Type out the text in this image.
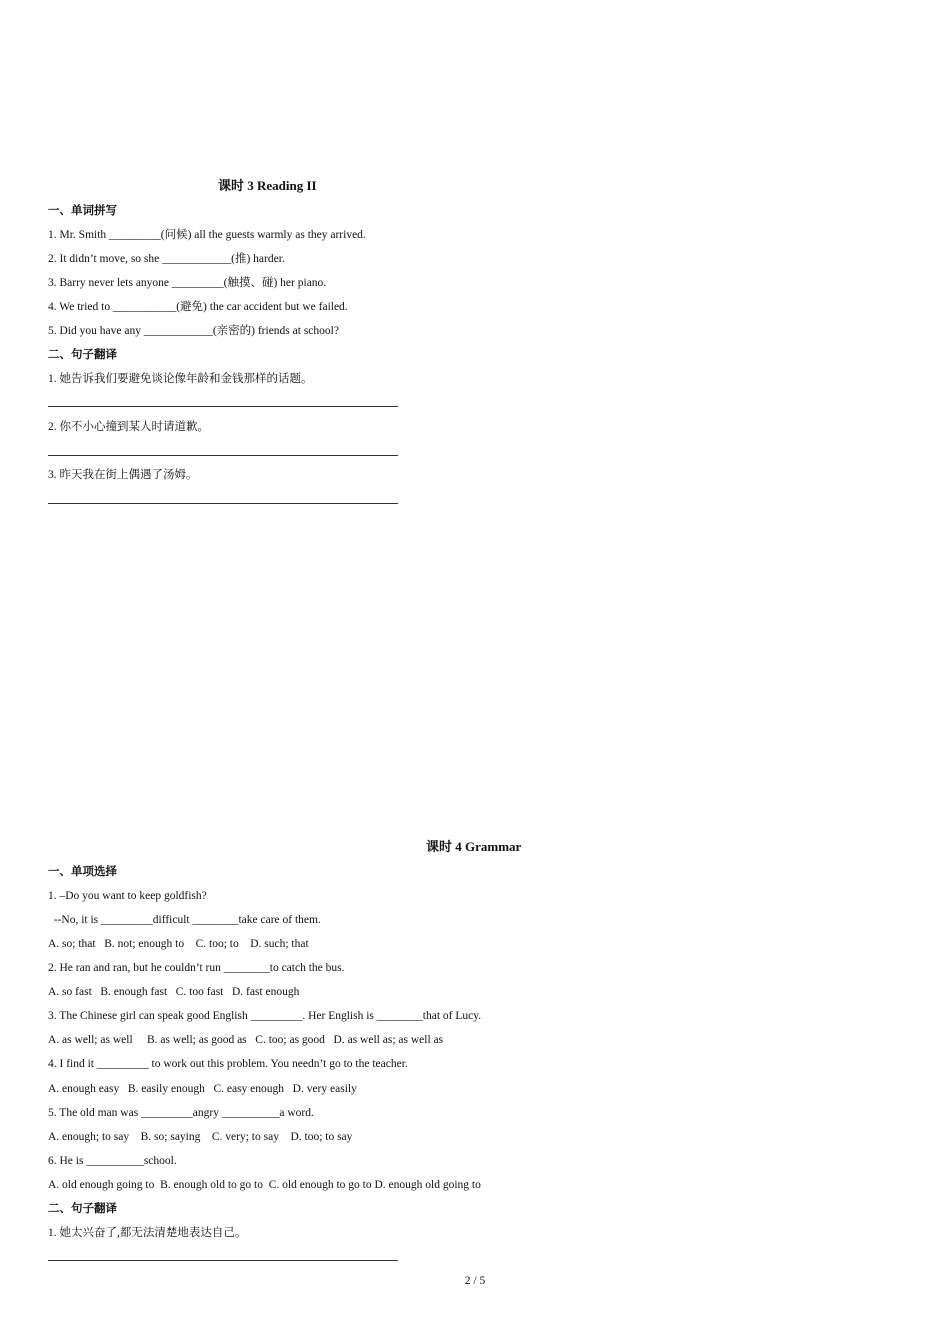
课时 3 Reading II
一、单词拼写
1. Mr. Smith _________(问候) all the guests warmly as they arrived.
2. It didn’t move, so she ____________(推) harder.
3. Barry never lets anyone _________(触摸、碰) her piano.
4. We tried to ___________(避免) the car accident but we failed.
5. Did you have any ____________(亲密的) friends at school?
二、句子翻译
1. 她告诉我们要避免谈论像年龄和金钱那样的话题。
2. 你不小心撞到某人时请道歉。
3. 昨天我在街上偶遇了汤姆。
课时 4 Grammar
一、单项选择
1. –Do you want to keep goldfish?
--No, it is _________difficult ________take care of them.
A. so; that   B. not; enough to    C. too; to    D. such; that
2. He ran and ran, but he couldn’t run ________to catch the bus.
A. so fast   B. enough fast   C. too fast   D. fast enough
3. The Chinese girl can speak good English _________. Her English is ________that of Lucy.
A. as well; as well     B. as well; as good as   C. too; as good   D. as well as; as well as
4. I find it _________ to work out this problem. You needn’t go to the teacher.
A. enough easy   B. easily enough   C. easy enough   D. very easily
5. The old man was _________angry __________a word.
A. enough; to say    B. so; saying    C. very; to say    D. too; to say
6. He is __________school.
A. old enough going to  B. enough old to go to  C. old enough to go to D. enough old going to
二、句子翻译
1. 她太兴奋了,都无法清楚地表达自己。
2 / 5
